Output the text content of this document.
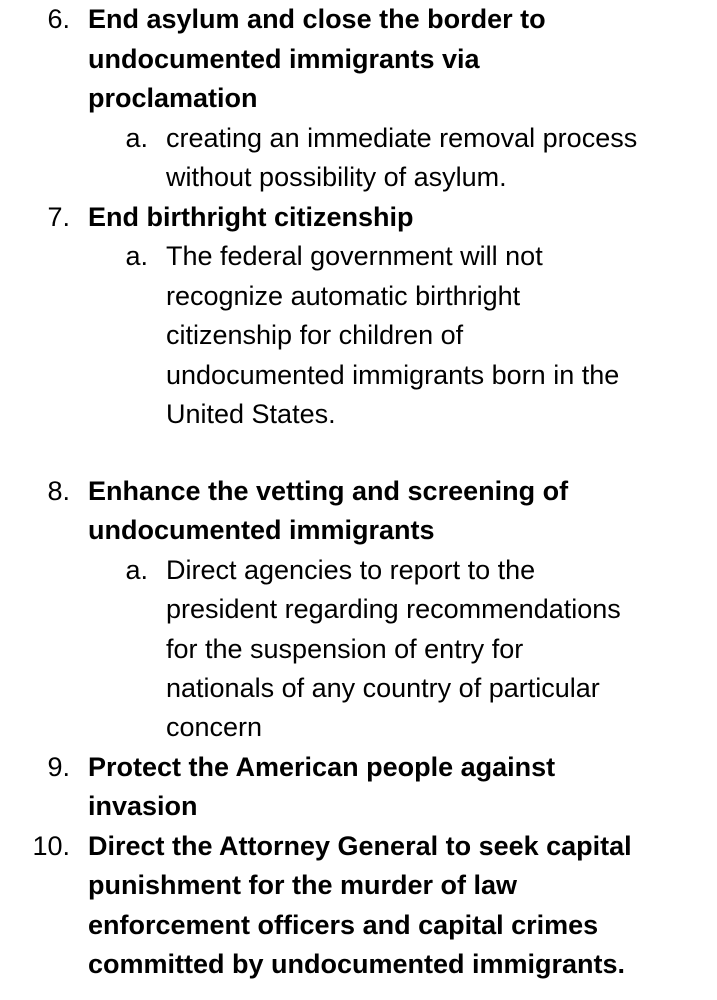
6. End asylum and close the border to
undocumented immigrants via
proclamation
a. creating an immediate removal process
without possibility of asylum.
7. End birthright citizenship
a. The federal government will not
recognize automatic birthright
citizenship for children of
undocumented immigrants born in the
United States.
8. Enhance the vetting and screening of
undocumented immigrants
a. Direct agencies to report to the
president regarding recommendations
for the suspension of entry for
nationals of any country of particular
concern
9. Protect the American people against
invasion
10. Direct the Attorney General to seek capital
punishment for the murder of law
enforcement officers and capital crimes
committed by undocumented immigrants.
